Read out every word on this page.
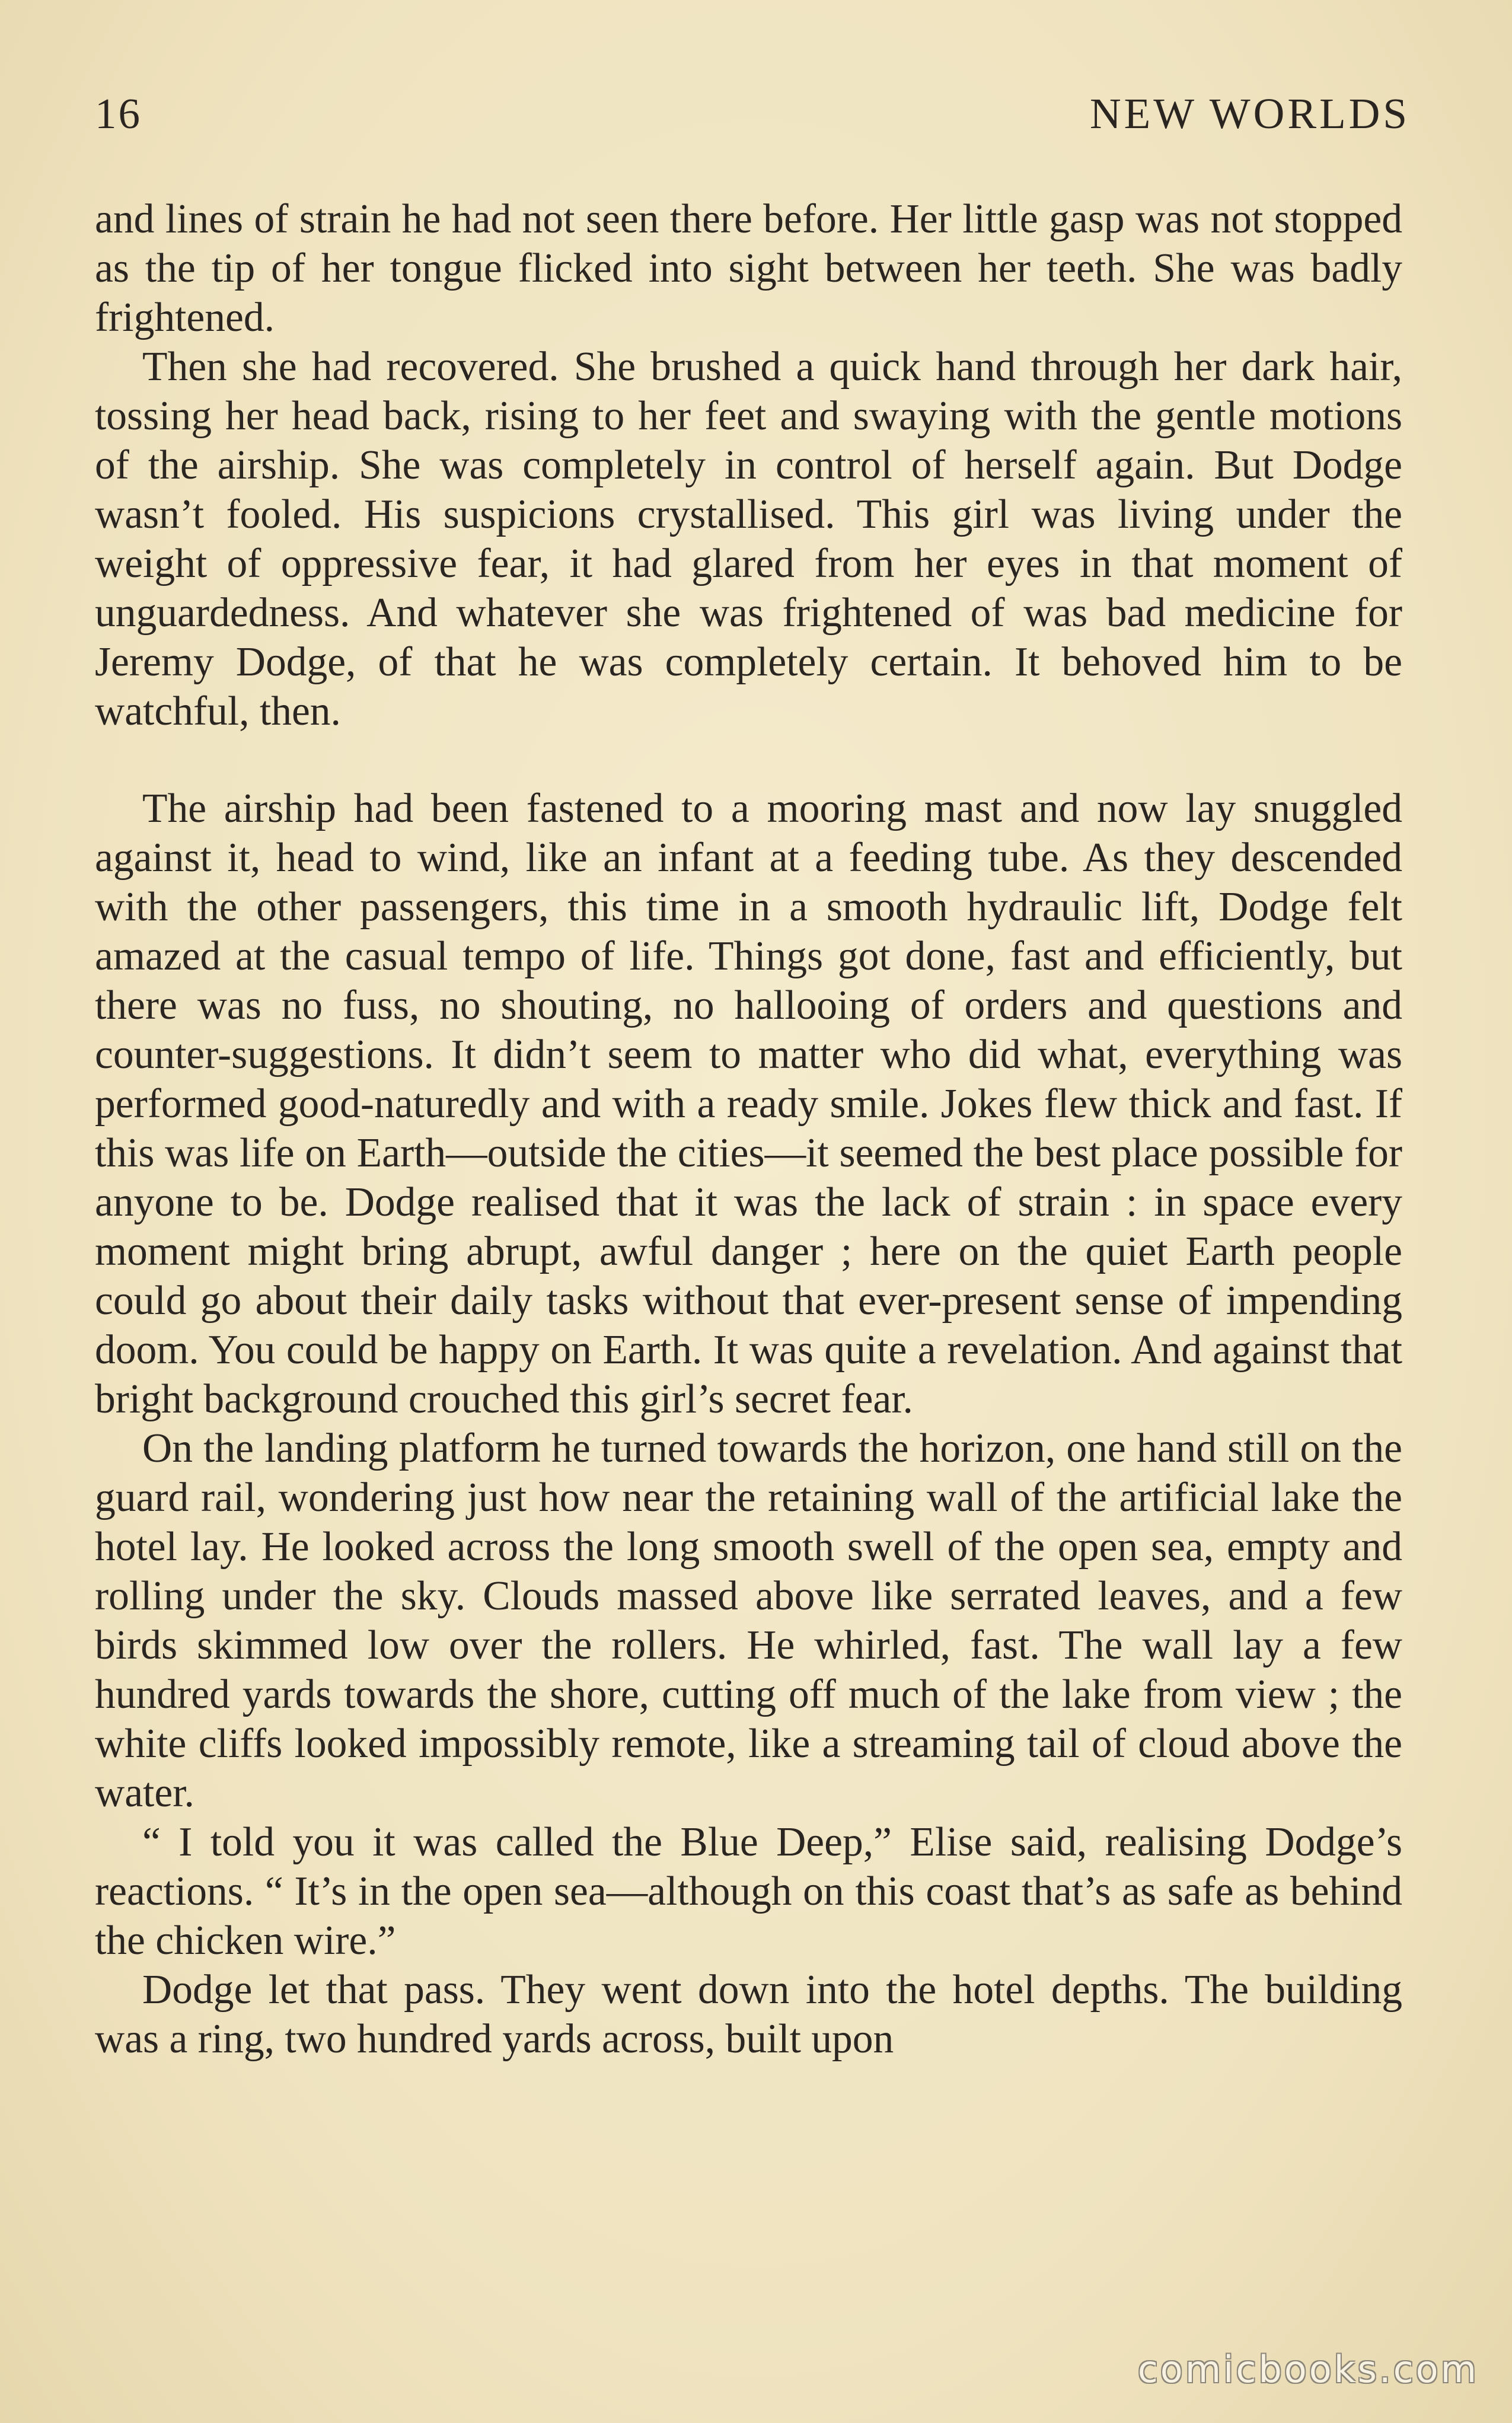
16	NEW WORLDS

and lines of strain he had not seen there before. Her little gasp was not stopped as the tip of her tongue flicked into sight between her teeth. She was badly frightened.

Then she had recovered. She brushed a quick hand through her dark hair, tossing her head back, rising to her feet and swaying with the gentle motions of the airship. She was completely in control of herself again. But Dodge wasn’t fooled. His suspicions crystallised. This girl was living under the weight of oppressive fear, it had glared from her eyes in that moment of unguardedness. And whatever she was frightened of was bad medicine for Jeremy Dodge, of that he was completely certain. It behoved him to be watchful, then.

The airship had been fastened to a mooring mast and now lay snuggled against it, head to wind, like an infant at a feeding tube. As they descended with the other passengers, this time in a smooth hydraulic lift, Dodge felt amazed at the casual tempo of life. Things got done, fast and efficiently, but there was no fuss, no shouting, no hallooing of orders and questions and counter-suggestions. It didn’t seem to matter who did what, everything was performed good-naturedly and with a ready smile. Jokes flew thick and fast. If this was life on Earth—outside the cities—it seemed the best place possible for anyone to be. Dodge realised that it was the lack of strain : in space every moment might bring abrupt, awful danger ; here on the quiet Earth people could go about their daily tasks without that ever-present sense of impending doom. You could be happy on Earth. It was quite a revelation. And against that bright background crouched this girl’s secret fear.

On the landing platform he turned towards the horizon, one hand still on the guard rail, wondering just how near the retaining wall of the artificial lake the hotel lay. He looked across the long smooth swell of the open sea, empty and rolling under the sky. Clouds massed above like serrated leaves, and a few birds skimmed low over the rollers. He whirled, fast. The wall lay a few hundred yards towards the shore, cutting off much of the lake from view ; the white cliffs looked impossibly remote, like a streaming tail of cloud above the water.

“ I told you it was called the Blue Deep,” Elise said, realising Dodge’s reactions. “ It’s in the open sea—although on this coast that’s as safe as behind the chicken wire.”

Dodge let that pass. They went down into the hotel depths. The building was a ring, two hundred yards across, built upon

comicbooks.com
